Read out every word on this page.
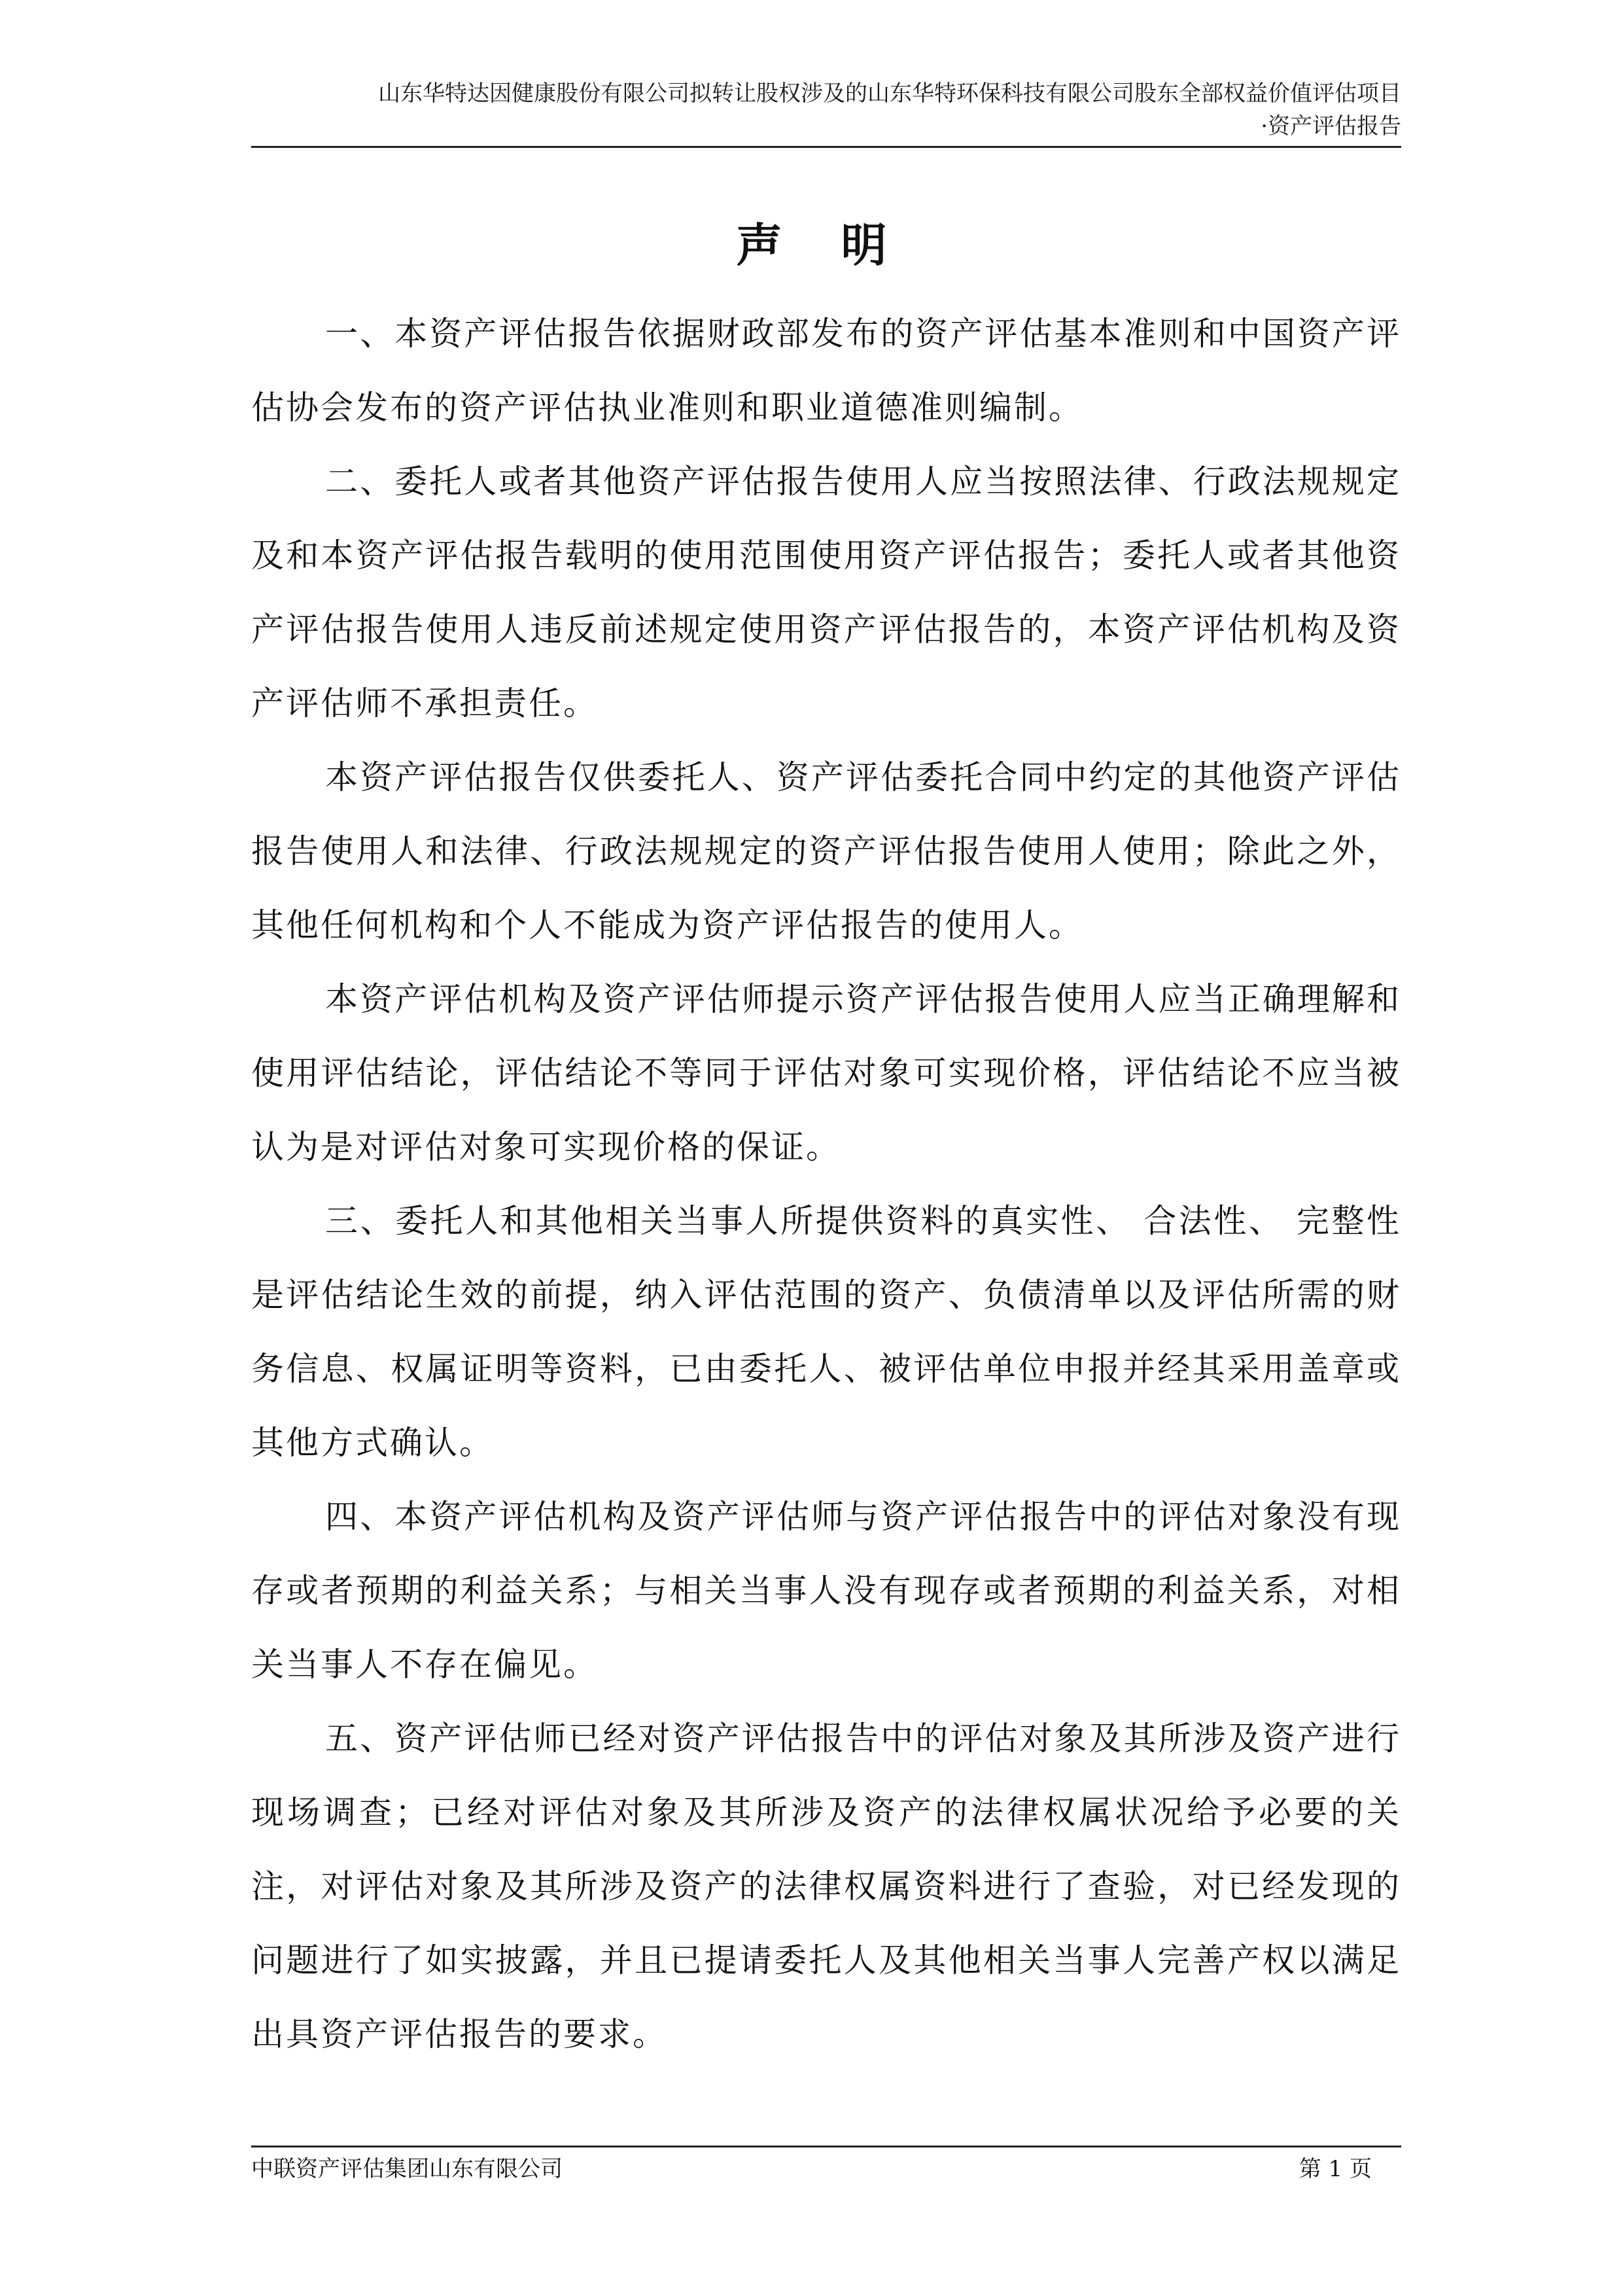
山东华特达因健康股份有限公司拟转让股权涉及的山东华特环保科技有限公司股东全部权益价值评估项目
·资产评估报告
声明

一、本资产评估报告依据财政部发布的资产评估基本准则和中国资产评估协会发布的资产评估执业准则和职业道德准则编制。

二、委托人或者其他资产评估报告使用人应当按照法律、行政法规规定及和本资产评估报告载明的使用范围使用资产评估报告；委托人或者其他资产评估报告使用人违反前述规定使用资产评估报告的，本资产评估机构及资产评估师不承担责任。

本资产评估报告仅供委托人、资产评估委托合同中约定的其他资产评估报告使用人和法律、行政法规规定的资产评估报告使用人使用；除此之外，其他任何机构和个人不能成为资产评估报告的使用人。

本资产评估机构及资产评估师提示资产评估报告使用人应当正确理解和使用评估结论，评估结论不等同于评估对象可实现价格，评估结论不应当被认为是对评估对象可实现价格的保证。

三、委托人和其他相关当事人所提供资料的真实性、 合法性、 完整性是评估结论生效的前提，纳入评估范围的资产、负债清单以及评估所需的财务信息、权属证明等资料，已由委托人、被评估单位申报并经其采用盖章或其他方式确认。

四、本资产评估机构及资产评估师与资产评估报告中的评估对象没有现存或者预期的利益关系；与相关当事人没有现存或者预期的利益关系，对相关当事人不存在偏见。

五、资产评估师已经对资产评估报告中的评估对象及其所涉及资产进行现场调查；已经对评估对象及其所涉及资产的法律权属状况给予必要的关注，对评估对象及其所涉及资产的法律权属资料进行了查验，对已经发现的问题进行了如实披露，并且已提请委托人及其他相关当事人完善产权以满足出具资产评估报告的要求。

中联资产评估集团山东有限公司	第 1 页
